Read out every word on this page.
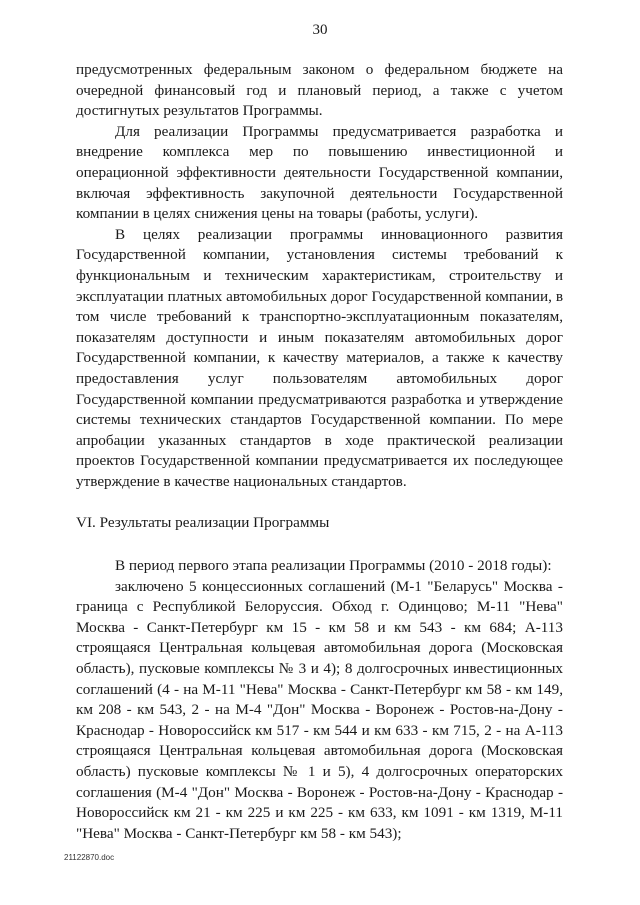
30

предусмотренных федеральным законом о федеральном бюджете на очередной финансовый год и плановый период, а также с учетом достигнутых результатов Программы.

Для реализации Программы предусматривается разработка и внедрение комплекса мер по повышению инвестиционной и операционной эффективности деятельности Государственной компании, включая эффективность закупочной деятельности Государственной компании в целях снижения цены на товары (работы, услуги).

В целях реализации программы инновационного развития Государственной компании, установления системы требований к функциональным и техническим характеристикам, строительству и эксплуатации платных автомобильных дорог Государственной компании, в том числе требований к транспортно-эксплуатационным показателям, показателям доступности и иным показателям автомобильных дорог Государственной компании, к качеству материалов, а также к качеству предоставления услуг пользователям автомобильных дорог Государственной компании предусматриваются разработка и утверждение системы технических стандартов Государственной компании. По мере апробации указанных стандартов в ходе практической реализации проектов Государственной компании предусматривается их последующее утверждение в качестве национальных стандартов.

VI. Результаты реализации Программы

В период первого этапа реализации Программы (2010 - 2018 годы):

заключено 5 концессионных соглашений (М-1 "Беларусь" Москва - граница с Республикой Белоруссия. Обход г. Одинцово; М-11 "Нева" Москва - Санкт-Петербург км 15 - км 58 и км 543 - км 684; А-113 строящаяся Центральная кольцевая автомобильная дорога (Московская область), пусковые комплексы № 3 и 4); 8 долгосрочных инвестиционных соглашений (4 - на М-11 "Нева" Москва - Санкт-Петербург км 58 - км 149, км 208 - км 543, 2 - на М-4 "Дон" Москва - Воронеж - Ростов-на-Дону - Краснодар - Новороссийск км 517 - км 544 и км 633 - км 715, 2 - на А-113 строящаяся Центральная кольцевая автомобильная дорога (Московская область) пусковые комплексы № 1 и 5), 4 долгосрочных операторских соглашения (М-4 "Дон" Москва - Воронеж - Ростов-на-Дону - Краснодар - Новороссийск км 21 - км 225 и км 225 - км 633, км 1091 - км 1319, М-11 "Нева" Москва - Санкт-Петербург км 58 - км 543);

21122870.doc
